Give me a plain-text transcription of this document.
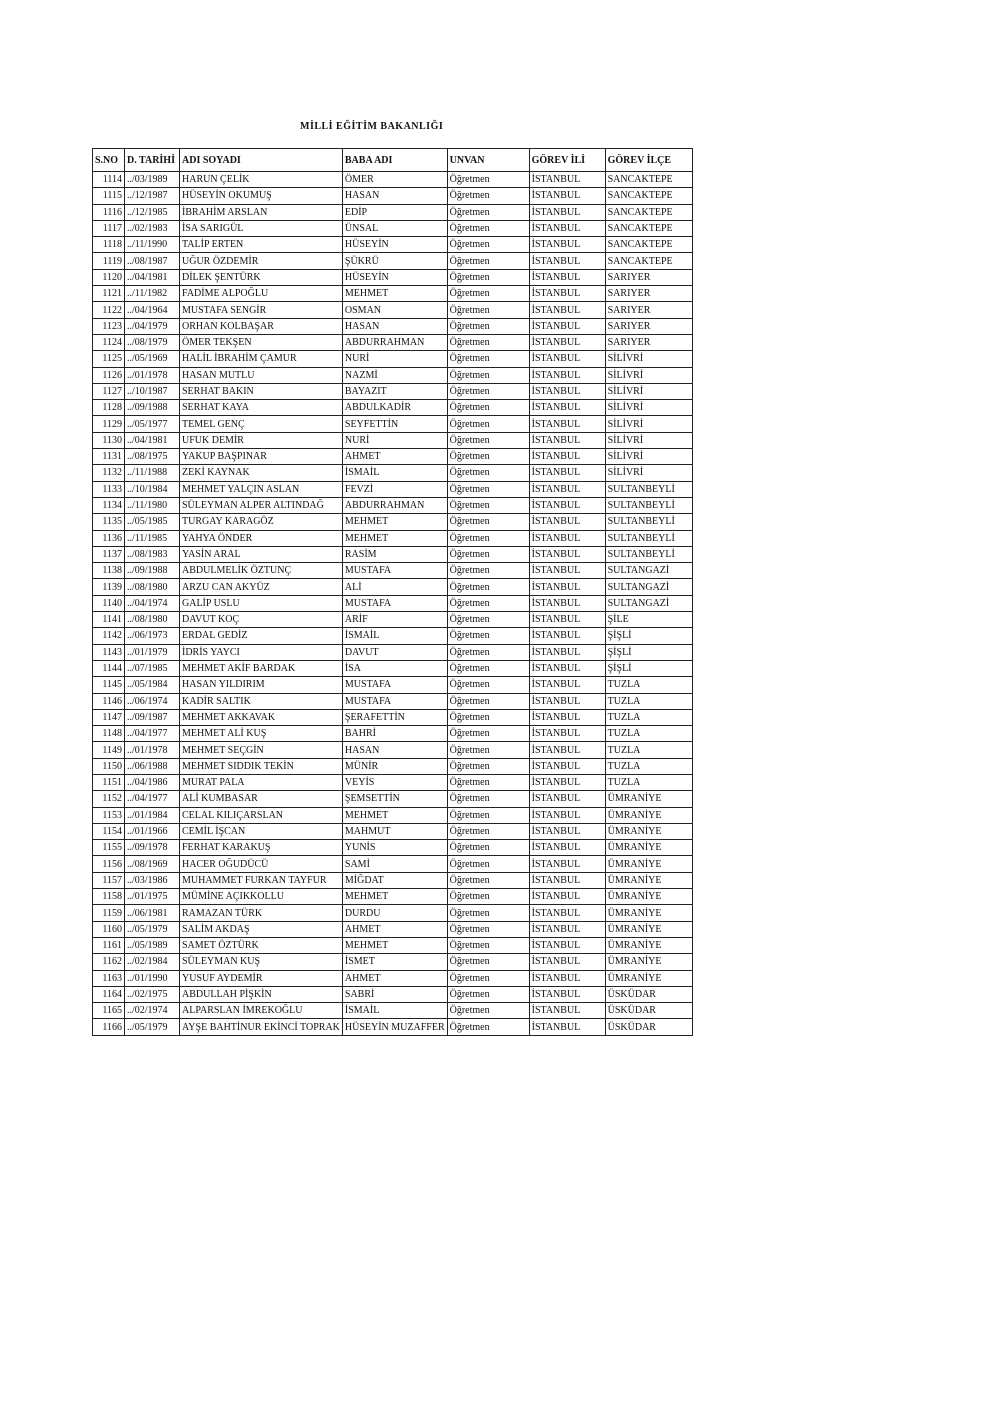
MİLLİ EĞİTİM BAKANLIĞI
S.NO	D. TARİHİ	ADI SOYADI	BABA ADI	UNVAN	GÖREV İLİ	GÖREV İLÇE
1114	../03/1989	HARUN ÇELİK	ÖMER	Öğretmen	İSTANBUL	SANCAKTEPE
1115	../12/1987	HÜSEYİN OKUMUŞ	HASAN	Öğretmen	İSTANBUL	SANCAKTEPE
1116	../12/1985	İBRAHİM ARSLAN	EDİP	Öğretmen	İSTANBUL	SANCAKTEPE
1117	../02/1983	İSA SARIGÜL	ÜNSAL	Öğretmen	İSTANBUL	SANCAKTEPE
1118	../11/1990	TALİP ERTEN	HÜSEYİN	Öğretmen	İSTANBUL	SANCAKTEPE
1119	../08/1987	UĞUR ÖZDEMİR	ŞÜKRÜ	Öğretmen	İSTANBUL	SANCAKTEPE
1120	../04/1981	DİLEK ŞENTÜRK	HÜSEYİN	Öğretmen	İSTANBUL	SARIYER
1121	../11/1982	FADİME ALPOĞLU	MEHMET	Öğretmen	İSTANBUL	SARIYER
1122	../04/1964	MUSTAFA SENGİR	OSMAN	Öğretmen	İSTANBUL	SARIYER
1123	../04/1979	ORHAN KOLBAŞAR	HASAN	Öğretmen	İSTANBUL	SARIYER
1124	../08/1979	ÖMER TEKŞEN	ABDURRAHMAN	Öğretmen	İSTANBUL	SARIYER
1125	../05/1969	HALİL İBRAHİM ÇAMUR	NURİ	Öğretmen	İSTANBUL	SİLİVRİ
1126	../01/1978	HASAN MUTLU	NAZMİ	Öğretmen	İSTANBUL	SİLİVRİ
1127	../10/1987	SERHAT BAKIN	BAYAZIT	Öğretmen	İSTANBUL	SİLİVRİ
1128	../09/1988	SERHAT KAYA	ABDULKADİR	Öğretmen	İSTANBUL	SİLİVRİ
1129	../05/1977	TEMEL GENÇ	SEYFETTİN	Öğretmen	İSTANBUL	SİLİVRİ
1130	../04/1981	UFUK DEMİR	NURİ	Öğretmen	İSTANBUL	SİLİVRİ
1131	../08/1975	YAKUP BAŞPINAR	AHMET	Öğretmen	İSTANBUL	SİLİVRİ
1132	../11/1988	ZEKİ KAYNAK	İSMAİL	Öğretmen	İSTANBUL	SİLİVRİ
1133	../10/1984	MEHMET YALÇIN ASLAN	FEVZİ	Öğretmen	İSTANBUL	SULTANBEYLİ
1134	../11/1980	SÜLEYMAN ALPER ALTINDAĞ	ABDURRAHMAN	Öğretmen	İSTANBUL	SULTANBEYLİ
1135	../05/1985	TURGAY KARAGÖZ	MEHMET	Öğretmen	İSTANBUL	SULTANBEYLİ
1136	../11/1985	YAHYA ÖNDER	MEHMET	Öğretmen	İSTANBUL	SULTANBEYLİ
1137	../08/1983	YASİN ARAL	RASİM	Öğretmen	İSTANBUL	SULTANBEYLİ
1138	../09/1988	ABDULMELİK ÖZTUNÇ	MUSTAFA	Öğretmen	İSTANBUL	SULTANGAZİ
1139	../08/1980	ARZU CAN AKYÜZ	ALİ	Öğretmen	İSTANBUL	SULTANGAZİ
1140	../04/1974	GALİP USLU	MUSTAFA	Öğretmen	İSTANBUL	SULTANGAZİ
1141	../08/1980	DAVUT KOÇ	ARİF	Öğretmen	İSTANBUL	ŞİLE
1142	../06/1973	ERDAL GEDİZ	İSMAİL	Öğretmen	İSTANBUL	ŞİŞLİ
1143	../01/1979	İDRİS YAYCI	DAVUT	Öğretmen	İSTANBUL	ŞİŞLİ
1144	../07/1985	MEHMET AKİF BARDAK	İSA	Öğretmen	İSTANBUL	ŞİŞLİ
1145	../05/1984	HASAN YILDIRIM	MUSTAFA	Öğretmen	İSTANBUL	TUZLA
1146	../06/1974	KADİR SALTIK	MUSTAFA	Öğretmen	İSTANBUL	TUZLA
1147	../09/1987	MEHMET AKKAVAK	ŞERAFETTİN	Öğretmen	İSTANBUL	TUZLA
1148	../04/1977	MEHMET ALİ KUŞ	BAHRİ	Öğretmen	İSTANBUL	TUZLA
1149	../01/1978	MEHMET SEÇGİN	HASAN	Öğretmen	İSTANBUL	TUZLA
1150	../06/1988	MEHMET SIDDIK TEKİN	MÜNİR	Öğretmen	İSTANBUL	TUZLA
1151	../04/1986	MURAT PALA	VEYİS	Öğretmen	İSTANBUL	TUZLA
1152	../04/1977	ALİ KUMBASAR	ŞEMSETTİN	Öğretmen	İSTANBUL	ÜMRANİYE
1153	../01/1984	CELAL KILIÇARSLAN	MEHMET	Öğretmen	İSTANBUL	ÜMRANİYE
1154	../01/1966	CEMİL İŞCAN	MAHMUT	Öğretmen	İSTANBUL	ÜMRANİYE
1155	../09/1978	FERHAT KARAKUŞ	YUNİS	Öğretmen	İSTANBUL	ÜMRANİYE
1156	../08/1969	HACER OĞUDÜCÜ	SAMİ	Öğretmen	İSTANBUL	ÜMRANİYE
1157	../03/1986	MUHAMMET FURKAN TAYFUR	MİĞDAT	Öğretmen	İSTANBUL	ÜMRANİYE
1158	../01/1975	MÜMİNE AÇIKKOLLU	MEHMET	Öğretmen	İSTANBUL	ÜMRANİYE
1159	../06/1981	RAMAZAN TÜRK	DURDU	Öğretmen	İSTANBUL	ÜMRANİYE
1160	../05/1979	SALİM AKDAŞ	AHMET	Öğretmen	İSTANBUL	ÜMRANİYE
1161	../05/1989	SAMET ÖZTÜRK	MEHMET	Öğretmen	İSTANBUL	ÜMRANİYE
1162	../02/1984	SÜLEYMAN KUŞ	İSMET	Öğretmen	İSTANBUL	ÜMRANİYE
1163	../01/1990	YUSUF AYDEMİR	AHMET	Öğretmen	İSTANBUL	ÜMRANİYE
1164	../02/1975	ABDULLAH PİŞKİN	SABRİ	Öğretmen	İSTANBUL	ÜSKÜDAR
1165	../02/1974	ALPARSLAN İMREKOĞLU	İSMAİL	Öğretmen	İSTANBUL	ÜSKÜDAR
1166	../05/1979	AYŞE BAHTİNUR EKİNCİ TOPRAK	HÜSEYİN MUZAFFER	Öğretmen	İSTANBUL	ÜSKÜDAR
